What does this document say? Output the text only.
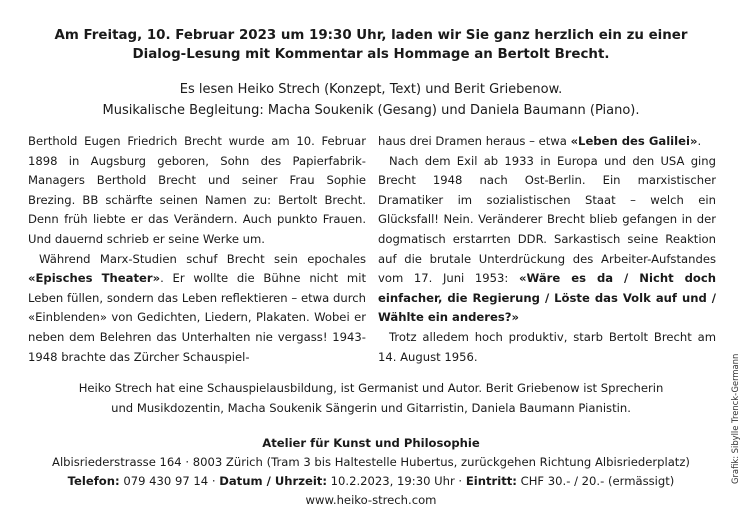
Am Freitag, 10. Februar 2023 um 19:30 Uhr, laden wir Sie ganz herzlich ein zu einer
Dialog-Lesung mit Kommentar als Hommage an Bertolt Brecht.
Es lesen Heiko Strech (Konzept, Text) und Berit Griebenow.
Musikalische Begleitung: Macha Soukenik (Gesang) und Daniela Baumann (Piano).

Berthold Eugen Friedrich Brecht wurde am 10. Februar 1898 in Augsburg geboren, Sohn des Papierfabrik-Managers Berthold Brecht und seiner Frau Sophie Brezing. BB schärfte seinen Namen zu: Bertolt Brecht. Denn früh liebte er das Verändern. Auch punkto Frauen. Und dauernd schrieb er seine Werke um.

Während Marx-Studien schuf Brecht sein epochales «Episches Theater». Er wollte die Bühne nicht mit Leben füllen, sondern das Leben reflektieren – etwa durch «Einblenden» von Gedichten, Liedern, Plakaten. Wobei er neben dem Belehren das Unterhalten nie vergass! 1943-1948 brachte das Zürcher Schauspiel-

haus drei Dramen heraus – etwa «Leben des Galilei».

Nach dem Exil ab 1933 in Europa und den USA ging Brecht 1948 nach Ost-Berlin. Ein marxistischer Dramatiker im sozialistischen Staat – welch ein Glücksfall! Nein. Veränderer Brecht blieb gefangen in der dogmatisch erstarrten DDR. Sarkastisch seine Reaktion auf die brutale Unterdrückung des Arbeiter-Aufstandes vom 17. Juni 1953: «Wäre es da / Nicht doch einfacher, die Regierung / Löste das Volk auf und / Wählte ein anderes?»

Trotz alledem hoch produktiv, starb Bertolt Brecht am 14. August 1956.

Heiko Strech hat eine Schauspielausbildung, ist Germanist und Autor. Berit Griebenow ist Sprecherin
und Musikdozentin, Macha Soukenik Sängerin und Gitarristin, Daniela Baumann Pianistin.
Atelier für Kunst und Philosophie
Albisriederstrasse 164 · 8003 Zürich (Tram 3 bis Haltestelle Hubertus, zurückgehen Richtung Albisriederplatz)
Telefon: 079 430 97 14 · Datum / Uhrzeit: 10.2.2023, 19:30 Uhr · Eintritt: CHF 30.- / 20.- (ermässigt)
www.heiko-strech.com
Grafik: Sibylle Trenck-Germann
